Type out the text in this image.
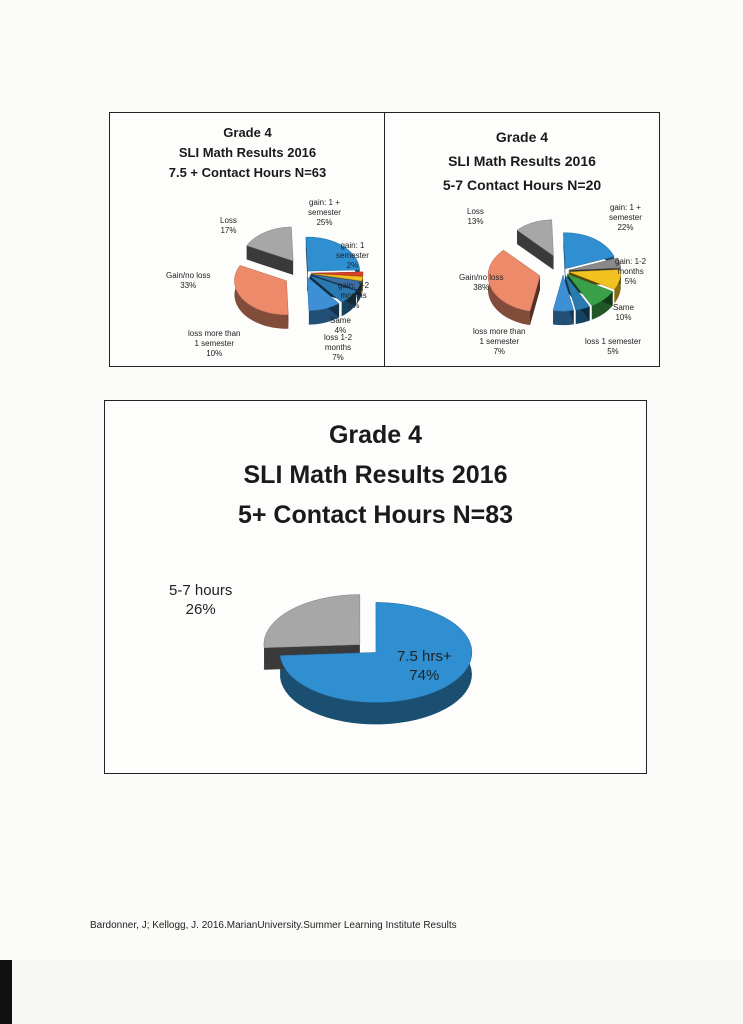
Grade 4
SLI Math Results 2016
7.5 + Contact Hours N=63
gain: 1 +
semester
25%
gain: 1
semester
2%
gain: 1-2
months
2%
Same
4%
loss 1-2
months
7%
loss more than
1 semester
10%
Gain/no loss
33%
Loss
17%
Grade 4
SLI Math Results 2016
5-7 Contact Hours N=20
gain: 1 +
semester
22%
gain: 1-2
months
5%
Same
10%
loss 1 semester
5%
loss more than
1 semester
7%
Gain/no loss
38%
Loss
13%
Grade 4
SLI Math Results 2016
5+ Contact Hours N=83
5-7 hours
26%
7.5 hrs+
74%
Bardonner, J; Kellogg, J. 2016.MarianUniversity.Summer Learning Institute Results
